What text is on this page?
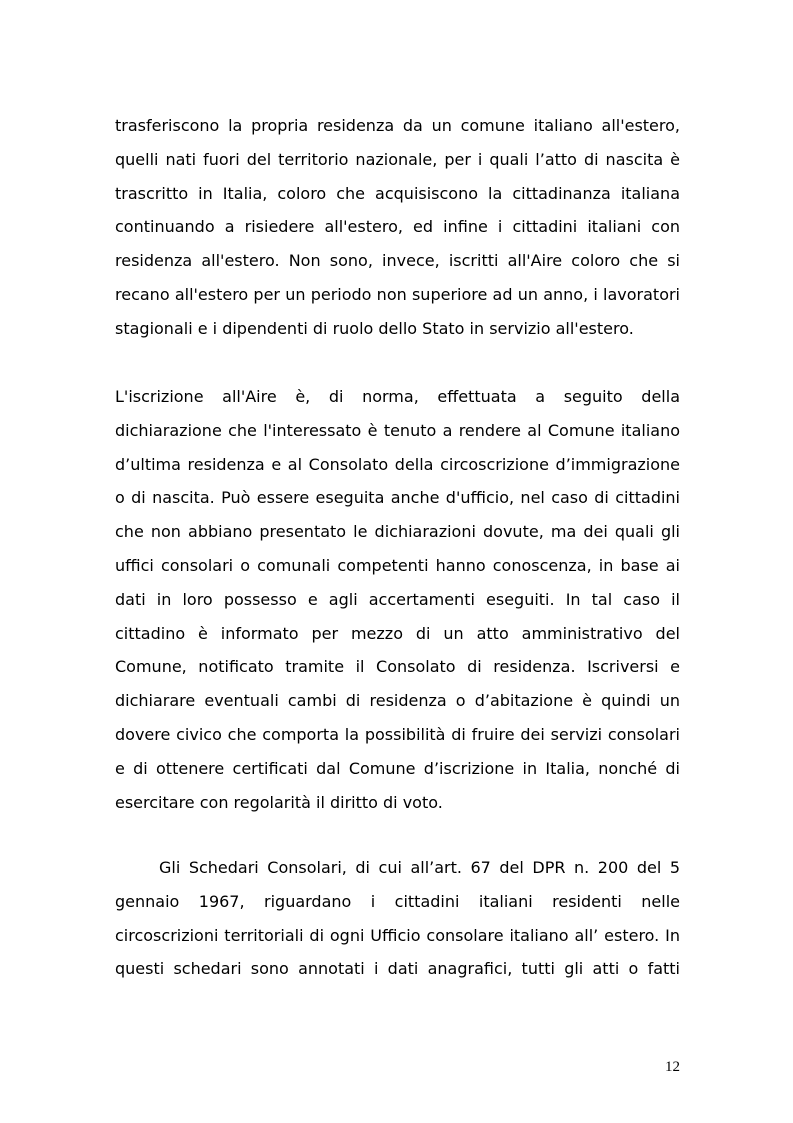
trasferiscono la propria residenza da un comune italiano all'estero, quelli nati fuori del territorio nazionale, per i quali l’atto di nascita è trascritto in Italia, coloro che acquisiscono la cittadinanza italiana continuando a risiedere all'estero, ed infine i cittadini italiani con residenza all'estero. Non sono, invece, iscritti all'Aire coloro che si recano all'estero per un periodo non superiore ad un anno, i lavoratori stagionali e i dipendenti di ruolo dello Stato in servizio all'estero.

L'iscrizione all'Aire è, di norma, effettuata a seguito della dichiarazione che l'interessato è tenuto a rendere al Comune italiano d’ultima residenza e al Consolato della circoscrizione d’immigrazione o di nascita. Può essere eseguita anche d'ufficio, nel caso di cittadini che non abbiano presentato le dichiarazioni dovute, ma dei quali gli uffici consolari o comunali competenti hanno conoscenza, in base ai dati in loro possesso e agli accertamenti eseguiti. In tal caso il cittadino è informato per mezzo di un atto amministrativo del Comune, notificato tramite il Consolato di residenza. Iscriversi e dichiarare eventuali cambi di residenza o d’abitazione è quindi un dovere civico che comporta la possibilità di fruire dei servizi consolari e di ottenere certificati dal Comune d’iscrizione in Italia, nonché di esercitare con regolarità il diritto di voto.

Gli Schedari Consolari, di cui all’art. 67 del DPR n. 200 del 5 gennaio 1967, riguardano i cittadini italiani residenti nelle circoscrizioni territoriali di ogni Ufficio consolare italiano all’ estero. In questi schedari sono annotati i dati anagrafici, tutti gli atti o fatti

12
